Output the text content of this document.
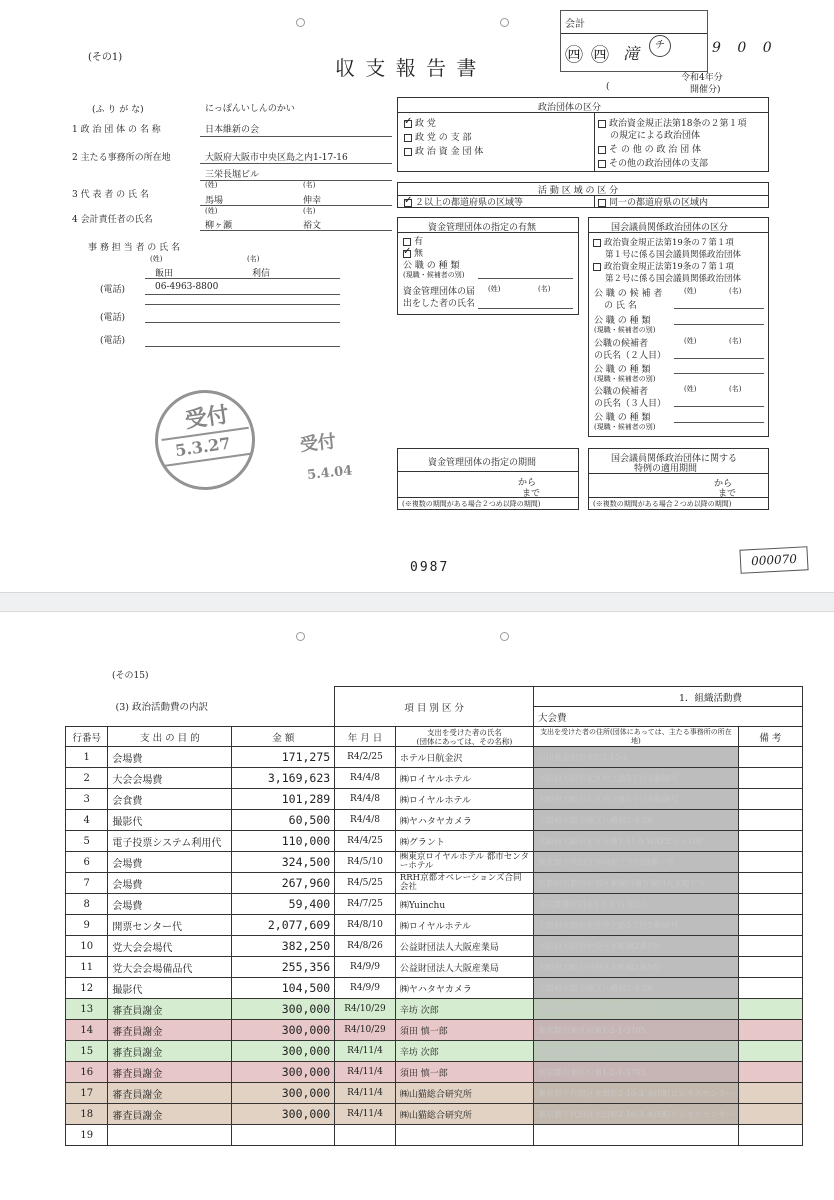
(その1)	収 支 報 告 書
会計
㊃ ㊃ 滝	チ	9 0 0
令和4年分
(	開催分)
(ふ り が な)	にっぽんいしんのかい
1 政 治 団 体 の 名 称	日本維新の会
2 主たる事務所の所在地	大阪府大阪市中央区島之内1-17-16
三栄長堀ビル
3 代 表 者 の 氏 名
(姓)	(名)
馬場	伸幸
4 会計責任者の氏名
(姓)	(名)
柳ヶ瀬	裕文
事 務 担 当 者 の 氏 名
(姓)	(名)
飯田	利信
(電話)	06-4963-8800
(電話)
(電話)
政治団体の区分
✓政 党
政 党 の 支 部
政 治 資 金 団 体
政治資金規正法第18条の２第１項
の規定による政治団体
そ の 他 の 政 治 団 体
その他の政治団体の支部
活 動 区 域 の 区 分
✓２以上の都道府県の区域等	同一の都道府県の区域内
資金管理団体の指定の有無
有
✓無
公 職 の 種 類
(現職・候補者の別)
資金管理団体の届
出をした者の氏名
(姓)	(名)
国会議員関係政治団体の区分
政治資金規正法第19条の７第１項
第１号に係る国会議員関係政治団体
政治資金規正法第19条の７第１項
第２号に係る国会議員関係政治団体
公 職 の 候 補 者
の 氏 名
(姓)	(名)
公 職 の 種 類
(現職・候補者の別)
公職の候補者
の氏名（２人目）
(姓)	(名)
公 職 の 種 類
(現職・候補者の別)
公職の候補者
の氏名（３人目）
(姓)	(名)
公 職 の 種 類
(現職・候補者の別)
資金管理団体の指定の期間
から
まで
(※複数の期間がある場合２つめ以降の期間)
国会議員関係政治団体に関する
特例の適用期間
から
まで
(※複数の期間がある場合２つめ以降の期間)
受付
5.3.27	受付
5.4.04
0987	000070
(その15)
(3) 政治活動費の内訳			項 目 別 区 分		1．組織活動費	
					大会費	
行番号	支 出 の 目 的	金 額	年 月 日	支出を受けた者の氏名
(団体にあっては、その名称)	支出を受けた者の住所(団体にあっては、主たる事務所の所在地)	備 考
1	会場費	171,275	R4/2/25	ホテル日航金沢	石川県金沢市本町2-15-1	
2	大会会場費	3,169,623	R4/4/8	㈱ロイヤルホテル	大阪府大阪市北区中之島5丁目3番68号	
3	会食費	101,289	R4/4/8	㈱ロイヤルホテル	大阪府大阪市北区中之島5丁目3番68号	
4	撮影代	60,500	R4/4/8	㈱ヤハタヤカメラ	大阪府大阪市港区八幡屋2-3-28	
5	電子投票システム利用代	110,000	R4/4/25	㈱グラント	大阪府大阪市北区天満1-11-9 WAKEビル10F	
6	会場費	324,500	R4/5/10	㈱東京ロイヤルホテル 都市センターホテル	東京都千代田区平河町二丁目四番一号	
7	会場費	267,960	R4/5/25	RRH京都オペレーションズ合同会社	京都府京都市中京区東堀川通り堀川丸太町ビル	
8	会場費	59,400	R4/7/25	㈱Yuinchu	東京都港区白金1-1-1 白金ビル	
9	開票センター代	2,077,609	R4/8/10	㈱ロイヤルホテル	大阪府大阪市北区中之島5丁目3番68号	
10	党大会会場代	382,250	R4/8/26	公益財団法人大阪産業局	大阪府大阪市中央区本町橋2番5号	
11	党大会会場備品代	255,356	R4/9/9	公益財団法人大阪産業局	大阪府大阪市中央区本町橋2番5号	
12	撮影代	104,500	R4/9/9	㈱ヤハタヤカメラ	大阪府大阪市港区八幡屋2-3-28	
13	審査員謝金	300,000	R4/10/29	辛坊 次郎	大阪府枚方市枚方元町1-2-15	
14	審査員謝金	300,000	R4/10/29	須田 慎一郎	東京都台東区台東1-2-1-3705	
15	審査員謝金	300,000	R4/11/4	辛坊 次郎	大阪府枚方市枚方元町1-2-15	
16	審査員謝金	300,000	R4/11/4	須田 慎一郎	東京都台東区台東1-2-1-3705	
17	審査員謝金	300,000	R4/11/4	㈱山猫総合研究所	東京都千代田区永田町2-10-3 永田町ビジネスセンター	
18	審査員謝金	300,000	R4/11/4	㈱山猫総合研究所	東京都千代田区永田町2-10-3 永田町ビジネスセンター	
19						
